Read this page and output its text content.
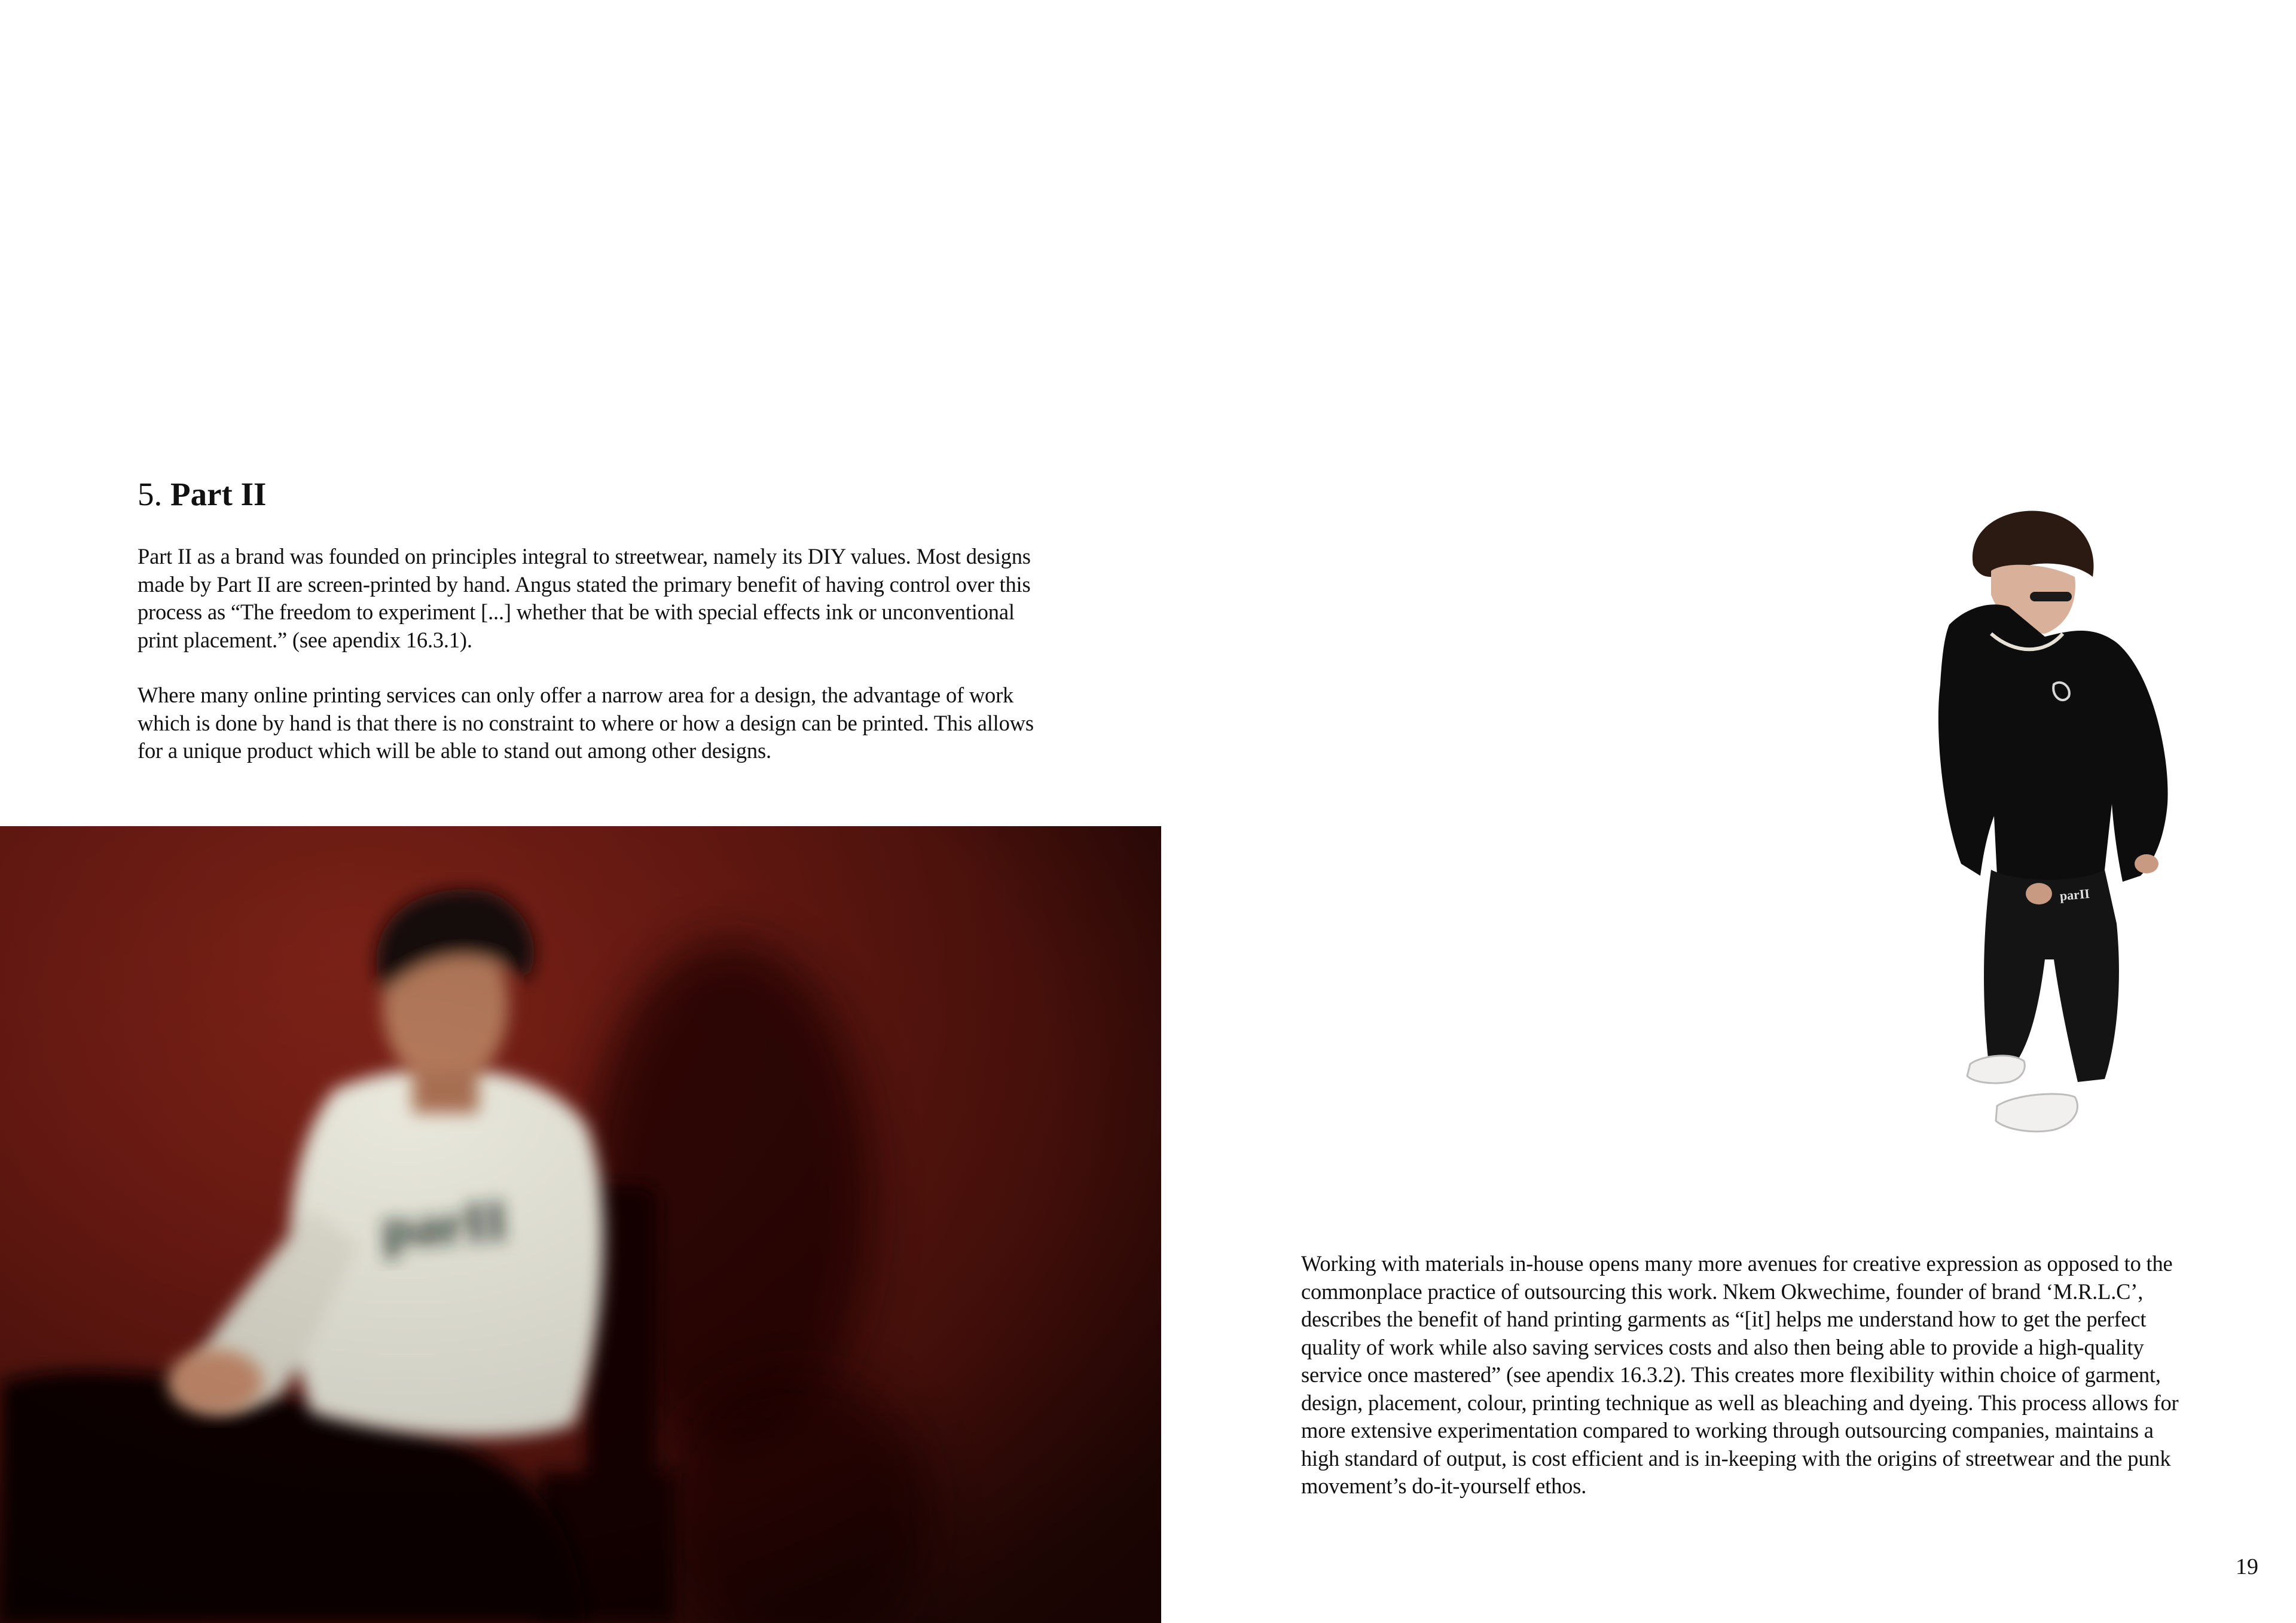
5. Part II

Part II as a brand was founded on principles integral to streetwear, namely its DIY values. Most designs made by Part II are screen-printed by hand. Angus stated the primary benefit of having control over this process as “The freedom to experiment [...] whether that be with special effects ink or unconventional print placement.” (see apendix 16.3.1).

Where many online printing services can only offer a narrow area for a design, the advantage of work which is done by hand is that there is no constraint to where or how a design can be printed. This allows for a unique product which will be able to stand out among other designs.

parII

Working with materials in-house opens many more avenues for creative expression as opposed to the commonplace practice of outsourcing this work. Nkem Okwechime, founder of brand ‘M.R.L.C’, describes the benefit of hand printing garments as “[it] helps me understand how to get the perfect quality of work while also saving services costs and also then being able to provide a high-quality service once mastered” (see apendix 16.3.2). This creates more flexibility within choice of garment, design, placement, colour, printing technique as well as bleaching and dyeing. This process allows for more extensive experimentation compared to working through outsourcing companies, maintains a high standard of output, is cost efficient and is in-keeping with the origins of streetwear and the punk movement’s do-it-yourself ethos.

19
